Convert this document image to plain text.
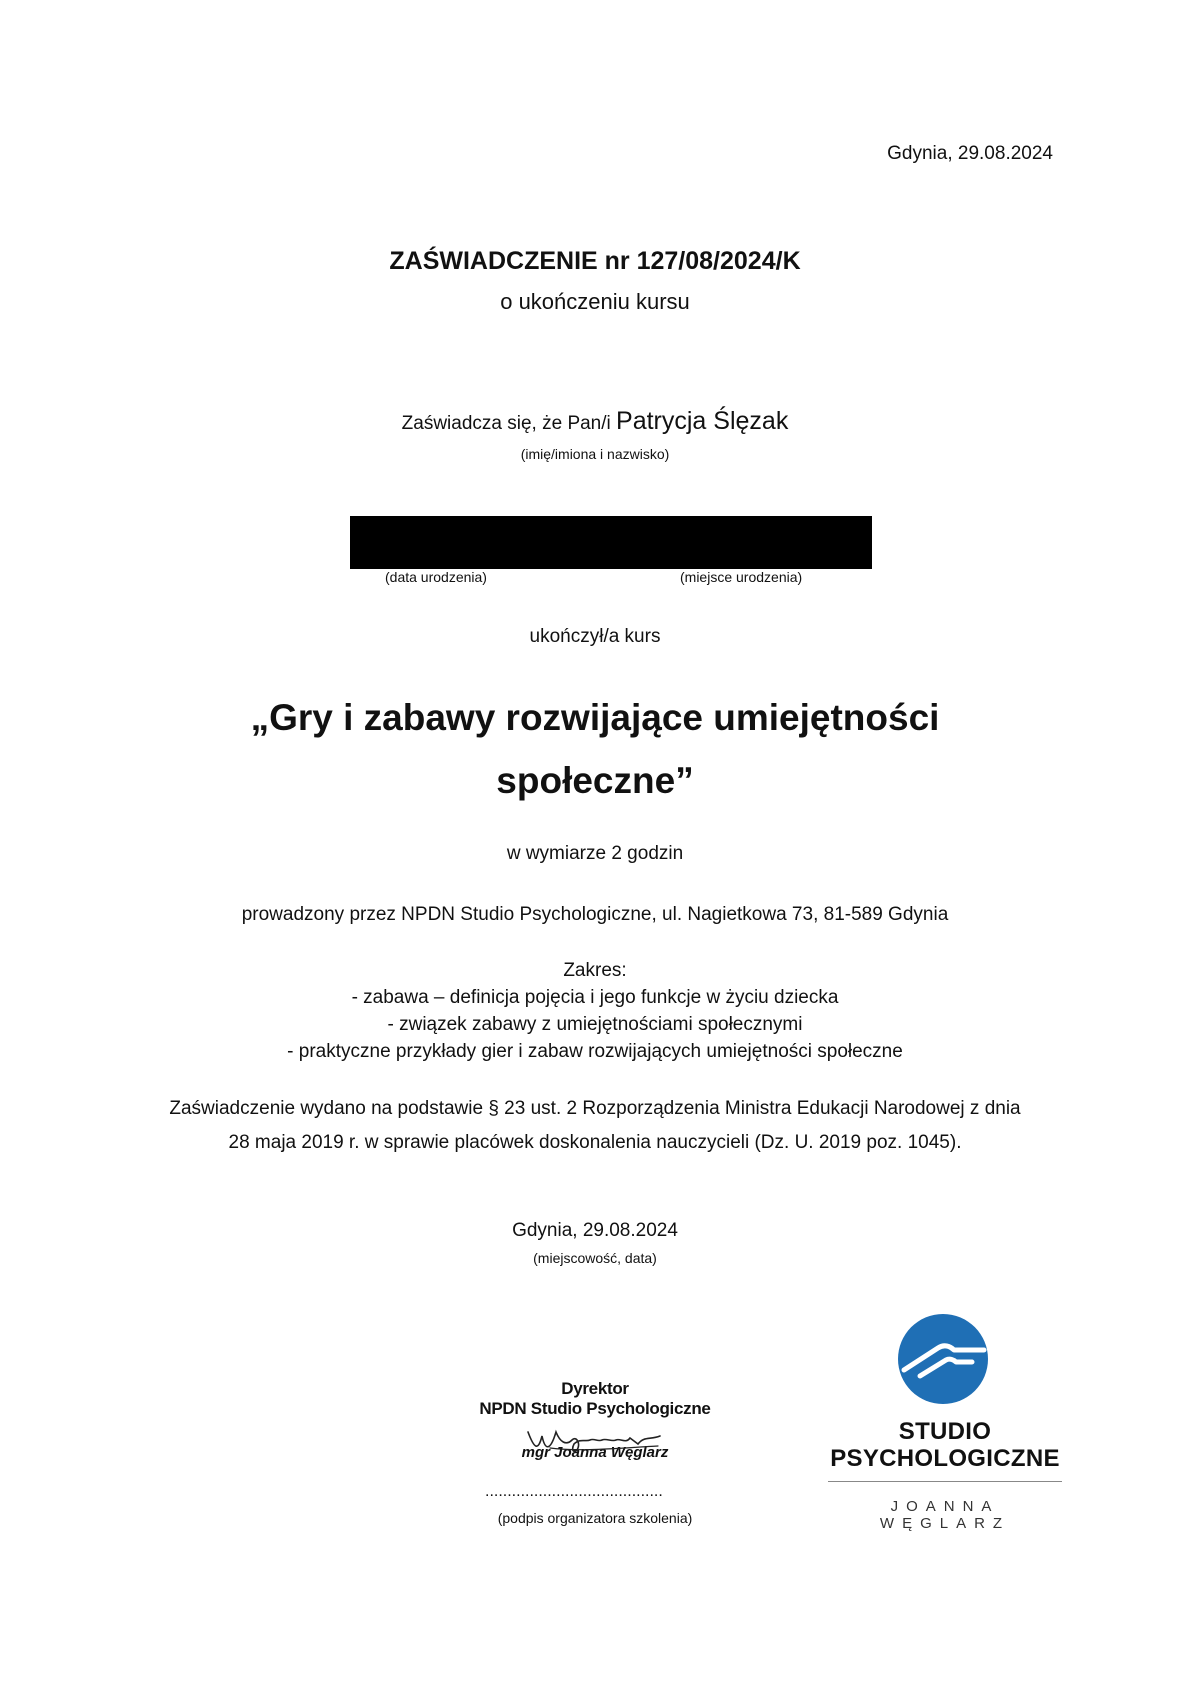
Gdynia, 29.08.2024
ZAŚWIADCZENIE nr 127/08/2024/K
o ukończeniu kursu
Zaświadcza się, że Pan/i Patrycja Ślęzak
(imię/imiona i nazwisko)
(data urodzenia)	(miejsce urodzenia)
ukończył/a kurs
„Gry i zabawy rozwijające umiejętności
społeczne”
w wymiarze 2 godzin
prowadzony przez NPDN Studio Psychologiczne, ul. Nagietkowa 73, 81-589 Gdynia
Zakres:
- zabawa – definicja pojęcia i jego funkcje w życiu dziecka
- związek zabawy z umiejętnościami społecznymi
- praktyczne przykłady gier i zabaw rozwijających umiejętności społeczne
Zaświadczenie wydano na podstawie § 23 ust. 2 Rozporządzenia Ministra Edukacji Narodowej z dnia
28 maja 2019 r. w sprawie placówek doskonalenia nauczycieli (Dz. U. 2019 poz. 1045).
Gdynia, 29.08.2024
(miejscowość, data)
Dyrektor
NPDN Studio Psychologiczne
mgr Joanna Węglarz
........................................
(podpis organizatora szkolenia)
STUDIO
PSYCHOLOGICZNE
JOANNA WĘGLARZ
